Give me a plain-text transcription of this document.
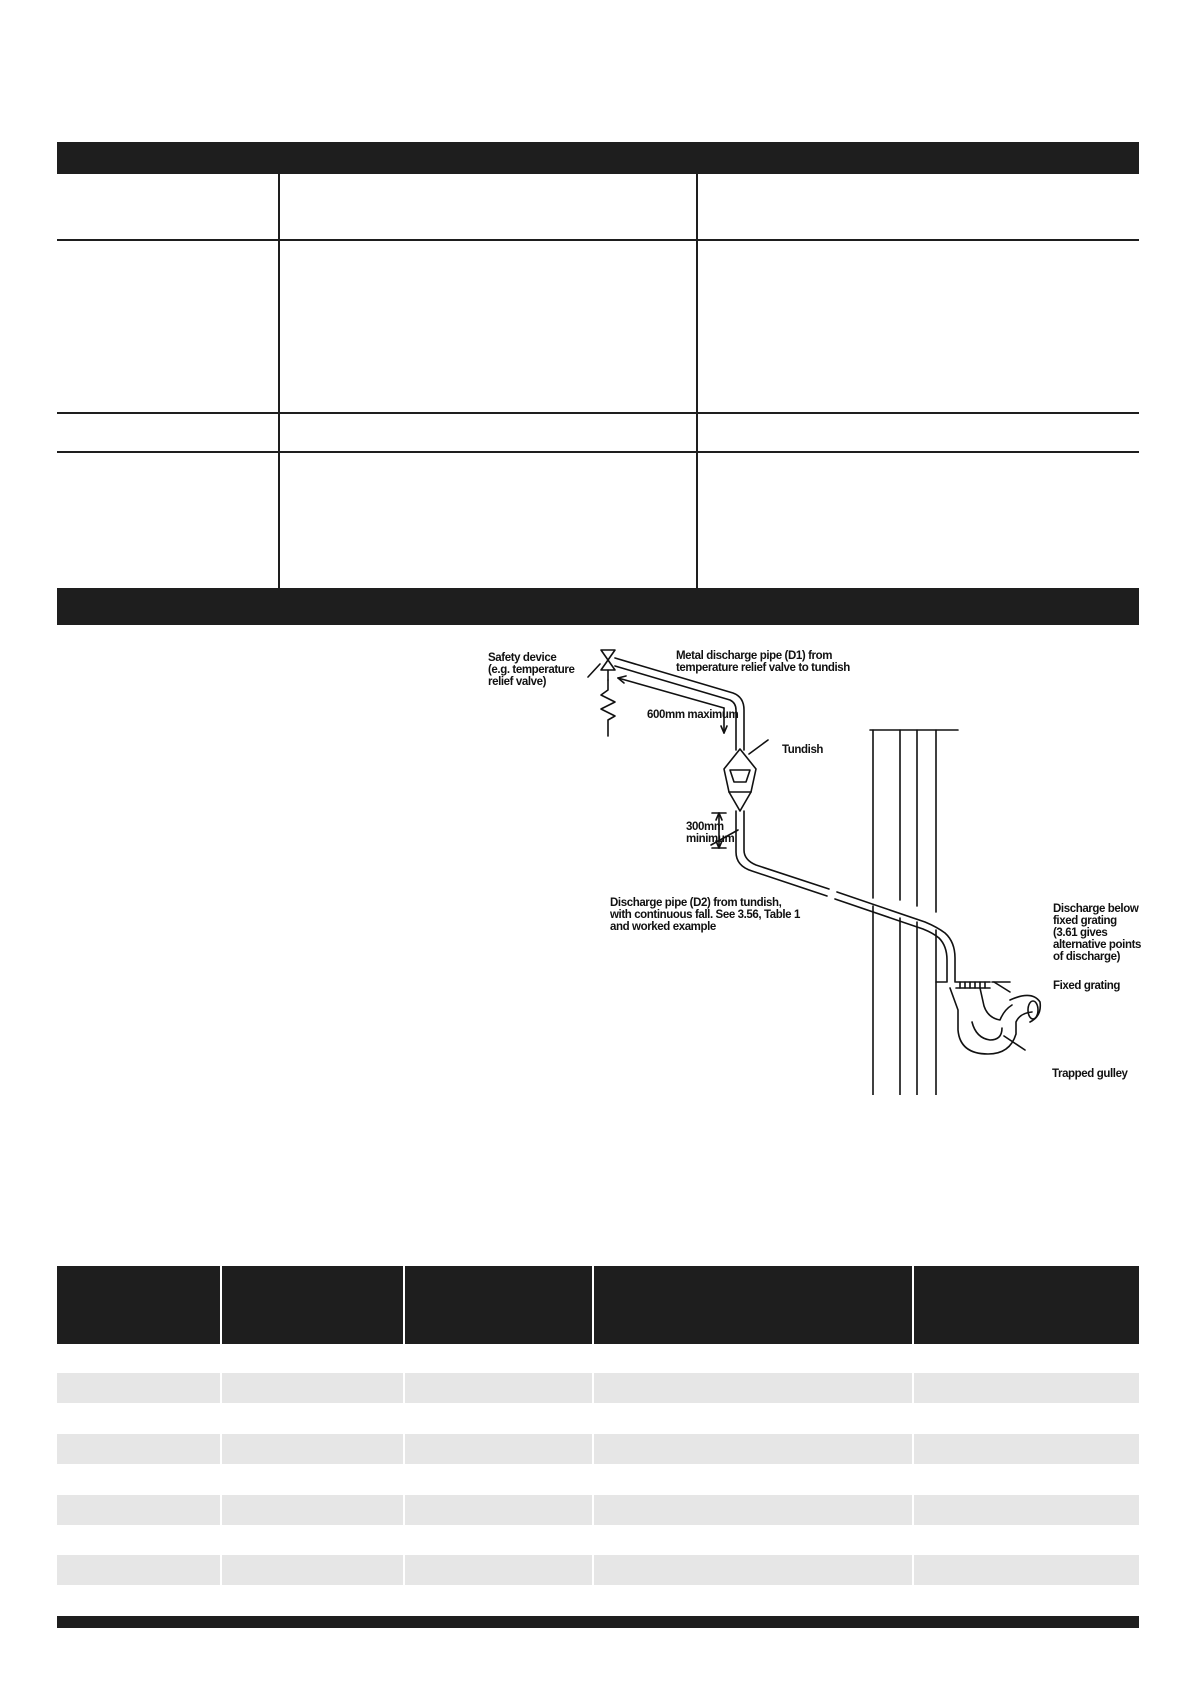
Safety device
(e.g. temperature
relief valve)
Metal discharge pipe (D1) from
temperature relief valve to tundish
600mm maximum
Tundish
300mm
minimum
Discharge pipe (D2) from tundish,
with continuous fall. See 3.56, Table 1
and worked example
Discharge below
fixed grating
(3.61 gives
alternative points
of discharge)
Fixed grating
Trapped gulley
